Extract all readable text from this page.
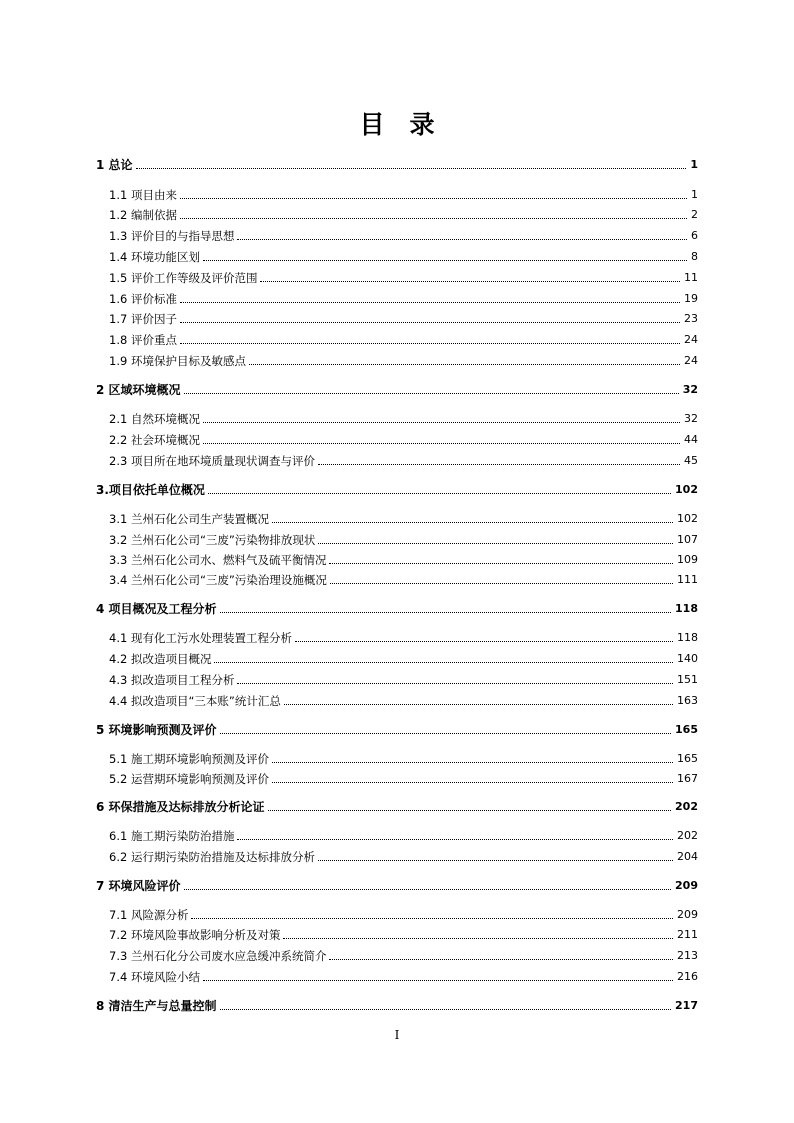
目　录
1 总论	1
1.1 项目由来	1
1.2 编制依据	2
1.3 评价目的与指导思想	6
1.4 环境功能区划	8
1.5 评价工作等级及评价范围	11
1.6 评价标准	19
1.7 评价因子	23
1.8 评价重点	24
1.9 环境保护目标及敏感点	24
2 区域环境概况	32
2.1 自然环境概况	32
2.2 社会环境概况	44
2.3 项目所在地环境质量现状调查与评价	45
3.项目依托单位概况	102
3.1 兰州石化公司生产装置概况	102
3.2 兰州石化公司“三废”污染物排放现状	107
3.3 兰州石化公司水、燃料气及硫平衡情况	109
3.4 兰州石化公司“三废”污染治理设施概况	111
4 项目概况及工程分析	118
4.1 现有化工污水处理装置工程分析	118
4.2 拟改造项目概况	140
4.3 拟改造项目工程分析	151
4.4 拟改造项目“三本账”统计汇总	163
5 环境影响预测及评价	165
5.1 施工期环境影响预测及评价	165
5.2 运营期环境影响预测及评价	167
6 环保措施及达标排放分析论证	202
6.1 施工期污染防治措施	202
6.2 运行期污染防治措施及达标排放分析	204
7 环境风险评价	209
7.1 风险源分析	209
7.2 环境风险事故影响分析及对策	211
7.3 兰州石化分公司废水应急缓冲系统简介	213
7.4 环境风险小结	216
8 清洁生产与总量控制	217
I
